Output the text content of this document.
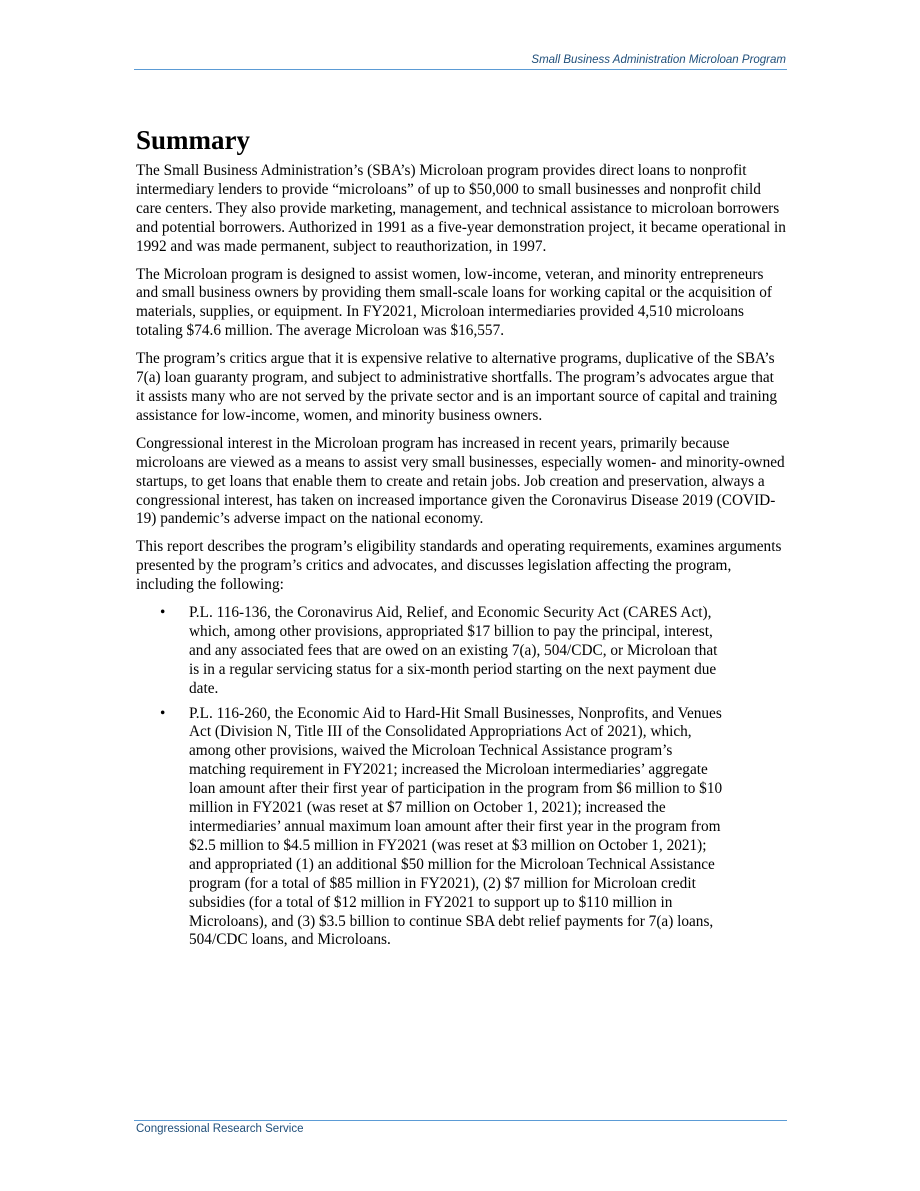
Small Business Administration Microloan Program
Summary

The Small Business Administration’s (SBA’s) Microloan program provides direct loans to nonprofit intermediary lenders to provide “microloans” of up to $50,000 to small businesses and nonprofit child care centers. They also provide marketing, management, and technical assistance to microloan borrowers and potential borrowers. Authorized in 1991 as a five-year demonstration project, it became operational in 1992 and was made permanent, subject to reauthorization, in 1997.

The Microloan program is designed to assist women, low-income, veteran, and minority entrepreneurs and small business owners by providing them small-scale loans for working capital or the acquisition of materials, supplies, or equipment. In FY2021, Microloan intermediaries provided 4,510 microloans totaling $74.6 million. The average Microloan was $16,557.

The program’s critics argue that it is expensive relative to alternative programs, duplicative of the SBA’s 7(a) loan guaranty program, and subject to administrative shortfalls. The program’s advocates argue that it assists many who are not served by the private sector and is an important source of capital and training assistance for low-income, women, and minority business owners.

Congressional interest in the Microloan program has increased in recent years, primarily because microloans are viewed as a means to assist very small businesses, especially women- and minority-owned startups, to get loans that enable them to create and retain jobs. Job creation and preservation, always a congressional interest, has taken on increased importance given the Coronavirus Disease 2019 (COVID-19) pandemic’s adverse impact on the national economy.

This report describes the program’s eligibility standards and operating requirements, examines arguments presented by the program’s critics and advocates, and discusses legislation affecting the program, including the following:

• P.L. 116-136, the Coronavirus Aid, Relief, and Economic Security Act (CARES Act), which, among other provisions, appropriated $17 billion to pay the principal, interest, and any associated fees that are owed on an existing 7(a), 504/CDC, or Microloan that is in a regular servicing status for a six-month period starting on the next payment due date.
• P.L. 116-260, the Economic Aid to Hard-Hit Small Businesses, Nonprofits, and Venues Act (Division N, Title III of the Consolidated Appropriations Act of 2021), which, among other provisions, waived the Microloan Technical Assistance program’s matching requirement in FY2021; increased the Microloan intermediaries’ aggregate loan amount after their first year of participation in the program from $6 million to $10 million in FY2021 (was reset at $7 million on October 1, 2021); increased the intermediaries’ annual maximum loan amount after their first year in the program from $2.5 million to $4.5 million in FY2021 (was reset at $3 million on October 1, 2021); and appropriated (1) an additional $50 million for the Microloan Technical Assistance program (for a total of $85 million in FY2021), (2) $7 million for Microloan credit subsidies (for a total of $12 million in FY2021 to support up to $110 million in Microloans), and (3) $3.5 billion to continue SBA debt relief payments for 7(a) loans, 504/CDC loans, and Microloans.
Congressional Research Service
